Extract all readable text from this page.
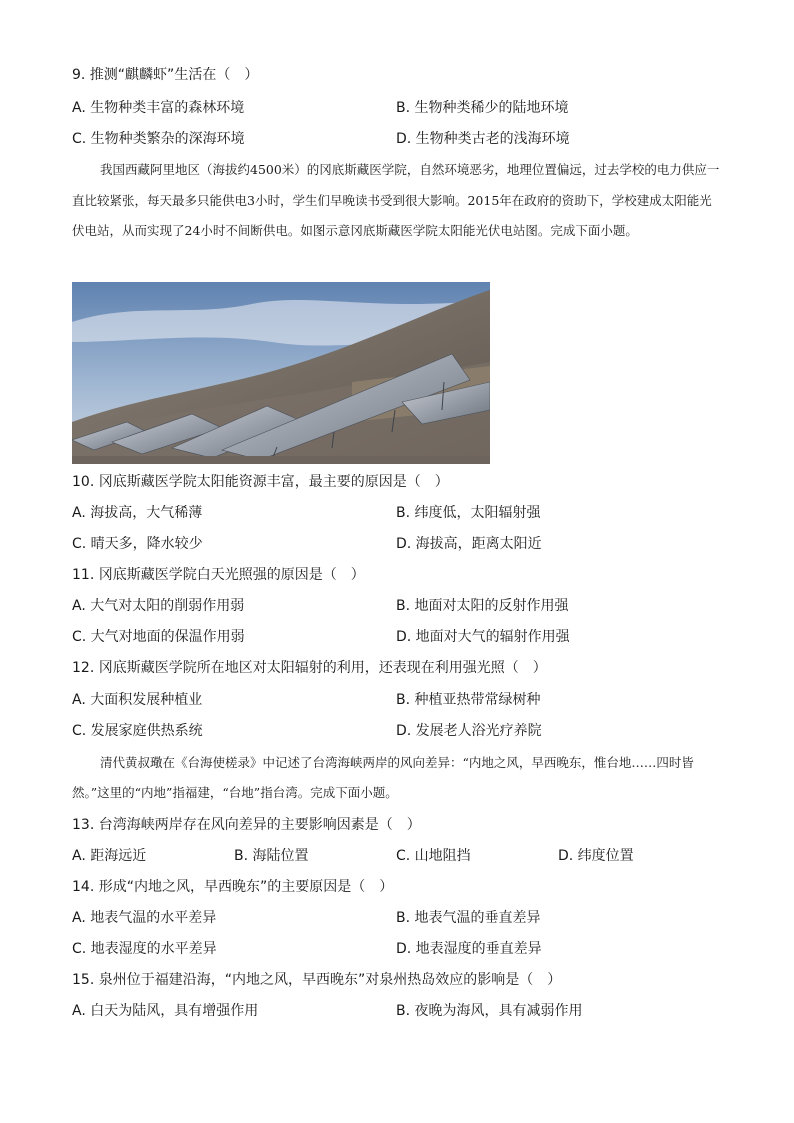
9. 推测“麒麟虾”生活在（　）
A. 生物种类丰富的森林环境	B. 生物种类稀少的陆地环境
C. 生物种类繁杂的深海环境	D. 生物种类古老的浅海环境
我国西藏阿里地区（海拔约4500米）的冈底斯藏医学院，自然环境恶劣，地理位置偏远，过去学校的电力供应一直比较紧张，每天最多只能供电3小时，学生们早晚读书受到很大影响。2015年在政府的资助下，学校建成太阳能光伏电站，从而实现了24小时不间断供电。如图示意冈底斯藏医学院太阳能光伏电站图。完成下面小题。
10. 冈底斯藏医学院太阳能资源丰富，最主要的原因是（　）
A. 海拔高，大气稀薄	B. 纬度低，太阳辐射强
C. 晴天多，降水较少	D. 海拔高，距离太阳近
11. 冈底斯藏医学院白天光照强的原因是（　）
A. 大气对太阳的削弱作用弱	B. 地面对太阳的反射作用强
C. 大气对地面的保温作用弱	D. 地面对大气的辐射作用强
12. 冈底斯藏医学院所在地区对太阳辐射的利用，还表现在利用强光照（　）
A. 大面积发展种植业	B. 种植亚热带常绿树种
C. 发展家庭供热系统	D. 发展老人浴光疗养院
清代黄叔璥在《台海使槎录》中记述了台湾海峡两岸的风向差异：“内地之风，早西晚东，惟台地……四时皆然。”这里的“内地”指福建，“台地”指台湾。完成下面小题。
13. 台湾海峡两岸存在风向差异的主要影响因素是（　）
A. 距海远近	B. 海陆位置	C. 山地阻挡	D. 纬度位置
14. 形成“内地之风，早西晚东”的主要原因是（　）
A. 地表气温的水平差异	B. 地表气温的垂直差异
C. 地表湿度的水平差异	D. 地表湿度的垂直差异
15. 泉州位于福建沿海，“内地之风，早西晚东”对泉州热岛效应的影响是（　）
A. 白天为陆风，具有增强作用	B. 夜晚为海风，具有减弱作用
